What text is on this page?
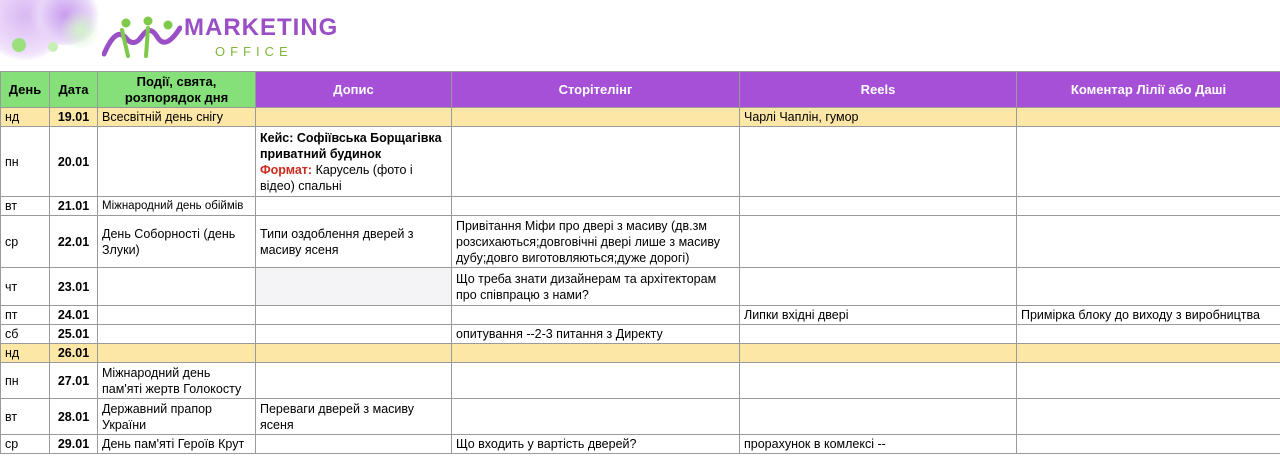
MARKETING
OFFICE
День	Дата	Події, свята, розпорядок дня	Допис	Сторітелінг	Reels	Коментар Лілії або Даші
нд	19.01	Всесвітній день снігу			Чарлі Чаплін, гумор	
пн	20.01		Кейс: Софіївська Борщагівка приватний будинок
Формат: Карусель (фото і відео) спальні			

вт	21.01	Міжнародний день обіймів				
ср	22.01	День Соборності (день Злуки)	Типи оздоблення дверей з масиву ясеня	Привітання Міфи про двері з масиву (дв.зм розсихаються;довговічні двері лише з масиву дубу;довго виготовляються;дуже дорогі)		
чт	23.01			Що треба знати дизайнерам та архітекторам про співпрацю з нами?		
пт	24.01				Липки вхідні двері	Примірка блоку до виходу з виробництва
сб	25.01			опитування --2-3 питання з Директу		
нд	26.01					
пн	27.01	Міжнародний день пам'яті жертв Голокосту				
вт	28.01	Державний прапор України	Переваги дверей з масиву ясеня			
ср	29.01	День пам'яті Героїв Крут		Що входить у вартість дверей?	прорахунок в комлексі --	
